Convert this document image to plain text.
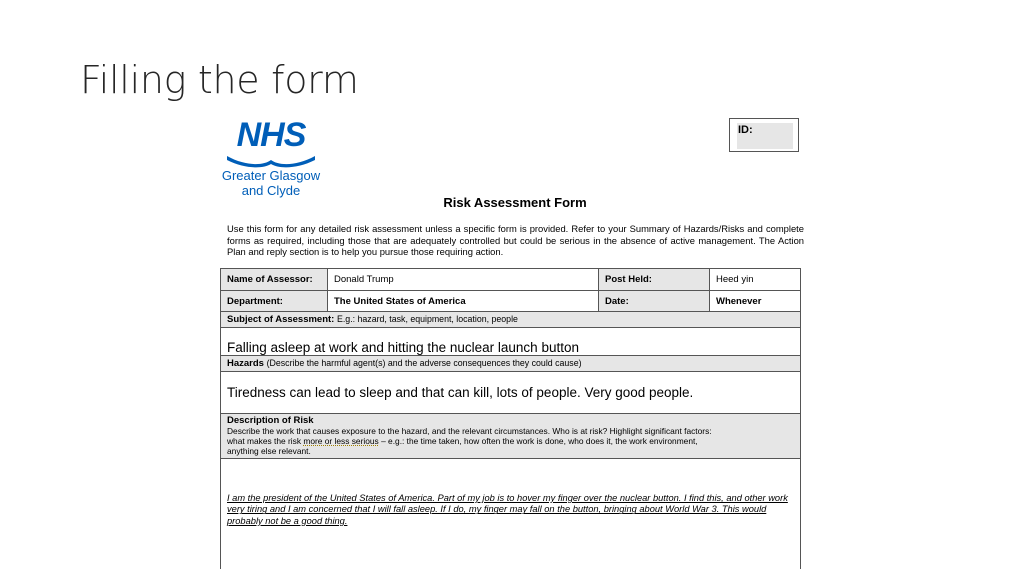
Filling the form
NHS
Greater Glasgow
and Clyde
ID:
Risk Assessment Form
Use this form for any detailed risk assessment unless a specific form is provided. Refer to your Summary of Hazards/Risks and complete forms as required, including those that are adequately controlled but could be serious in the absence of active management. The Action Plan and reply section is to help you pursue those requiring action.
Name of Assessor:	Donald Trump	Post Held:	Heed yin
Department:	The United States of America	Date:	Whenever
Subject of Assessment: E.g.: hazard, task, equipment, location, people			
Falling asleep at work and hitting the nuclear launch button			
Hazards (Describe the harmful agent(s) and the adverse consequences they could cause)			
Tiredness can lead to sleep and that can kill, lots of people. Very good people.			

Description of Risk
Describe the work that causes exposure to the hazard, and the relevant circumstances. Who is at risk? Highlight significant factors:
what makes the risk more or less serious – e.g.: the time taken, how often the work is done, who does it, the work environment,
anything else relevant.			

I am the president of the United States of America. Part of my job is to hover my finger over the nuclear button. I find this, and other work very tiring and I am concerned that I will fall asleep. If I do, my finger may fall on the button, bringing about World War 3. This would probably not be a good thing.			
